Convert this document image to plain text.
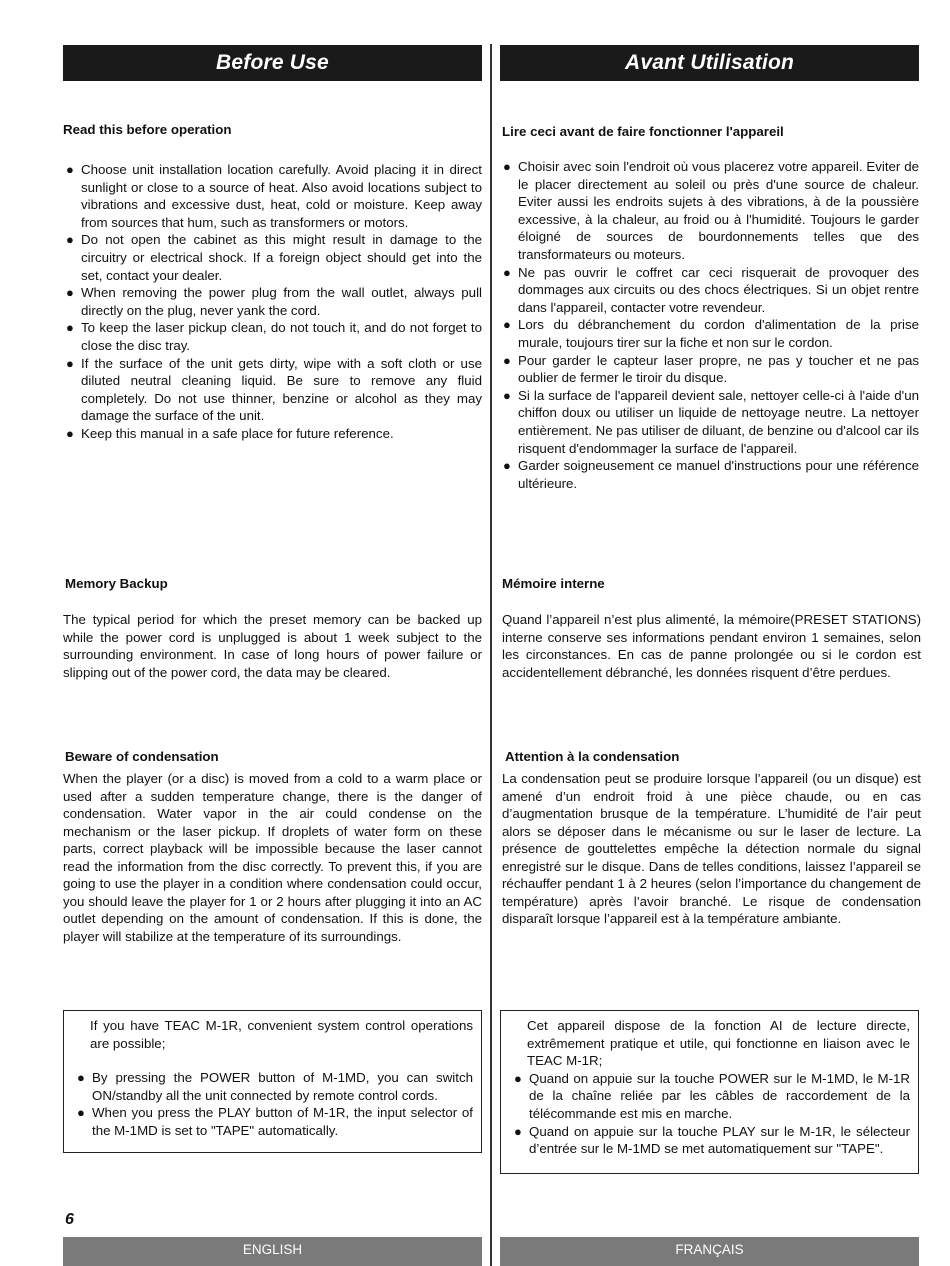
Before Use
Read this before operation
● Choose unit installation location carefully. Avoid placing it in direct sunlight or close to a source of heat. Also avoid locations subject to vibrations and excessive dust, heat, cold or moisture. Keep away from sources that hum, such as transformers or motors.
● Do not open the cabinet as this might result in damage to the circuitry or electrical shock. If a foreign object should get into the set, contact your dealer.
● When removing the power plug from the wall outlet, always pull directly on the plug, never yank the cord.
● To keep the laser pickup clean, do not touch it, and do not forget to close the disc tray.
● If the surface of the unit gets dirty, wipe with a soft cloth or use diluted neutral cleaning liquid. Be sure to remove any fluid completely. Do not use thinner, benzine or alcohol as they may damage the surface of the unit.
● Keep this manual in a safe place for future reference.
Memory Backup

The typical period for which the preset memory can be backed up while the power cord is unplugged is about 1 week subject to the surrounding environment. In case of long hours of power failure or slipping out of the power cord, the data may be cleared.

Beware of condensation

When the player (or a disc) is moved from a cold to a warm place or used after a sudden temperature change, there is the danger of condensation. Water vapor in the air could condense on the mechanism or the laser pickup. If droplets of water form on these parts, correct playback will be impossible because the laser cannot read the information from the disc correctly. To prevent this, if you are going to use the player in a condition where condensation could occur, you should leave the player for 1 or 2 hours after plugging it into an AC outlet depending on the amount of condensation. If this is done, the player will stabilize at the temperature of its surroundings.

If you have TEAC M-1R, convenient system control operations are possible;

● By pressing the POWER button of M-1MD, you can switch ON/standby all the unit connected by remote control cords.
● When you press the PLAY button of M-1R, the input selector of the M-1MD is set to "TAPE" automatically.
6
ENGLISH
Avant Utilisation
Lire ceci avant de faire fonctionner l'appareil
● Choisir avec soin l'endroit où vous placerez votre appareil. Eviter de le placer directement au soleil ou près d'une source de chaleur. Eviter aussi les endroits sujets à des vibrations, à de la poussière excessive, à la chaleur, au froid ou à l'humidité. Toujours le garder éloigné de sources de bourdonnements telles que des transformateurs ou moteurs.
● Ne pas ouvrir le coffret car ceci risquerait de provoquer des dommages aux circuits ou des chocs électriques. Si un objet rentre dans l'appareil, contacter votre revendeur.
● Lors du débranchement du cordon d'alimentation de la prise murale, toujours tirer sur la fiche et non sur le cordon.
● Pour garder le capteur laser propre, ne pas y toucher et ne pas oublier de fermer le tiroir du disque.
● Si la surface de l'appareil devient sale, nettoyer celle-ci à l'aide d'un chiffon doux ou utiliser un liquide de nettoyage neutre. La nettoyer entièrement. Ne pas utiliser de diluant, de benzine ou d'alcool car ils risquent d'endommager la surface de l'appareil.
● Garder soigneusement ce manuel d'instructions pour une référence ultérieure.
Mémoire interne

Quand l’appareil n’est plus alimenté, la mémoire(PRESET STATIONS) interne conserve ses informations pendant environ 1 semaines, selon les circonstances. En cas de panne prolongée ou si le cordon est accidentellement débranché, les données risquent d’être perdues.

Attention à la condensation

La condensation peut se produire lorsque l’appareil (ou un disque) est amené d’un endroit froid à une pièce chaude, ou en cas d’augmentation brusque de la température. L’humidité de l’air peut alors se déposer dans le mécanisme ou sur le laser de lecture. La présence de gouttelettes empêche la détection normale du signal enregistré sur le disque. Dans de telles conditions, laissez l’appareil se réchauffer pendant 1 à 2 heures (selon l’importance du changement de température) après l’avoir branché. Le risque de condensation disparaît lorsque l’appareil est à la température ambiante.

Cet appareil dispose de la fonction AI de lecture directe, extrêmement pratique et utile, qui fonctionne en liaison avec le TEAC M-1R;

● Quand on appuie sur la touche POWER sur le M-1MD, le M-1R de la chaîne reliée par les câbles de raccordement de la télécommande est mis en marche.
● Quand on appuie sur la touche PLAY sur le M-1R, le sélecteur d’entrée sur le M-1MD se met automatiquement sur "TAPE".
FRANÇAIS
